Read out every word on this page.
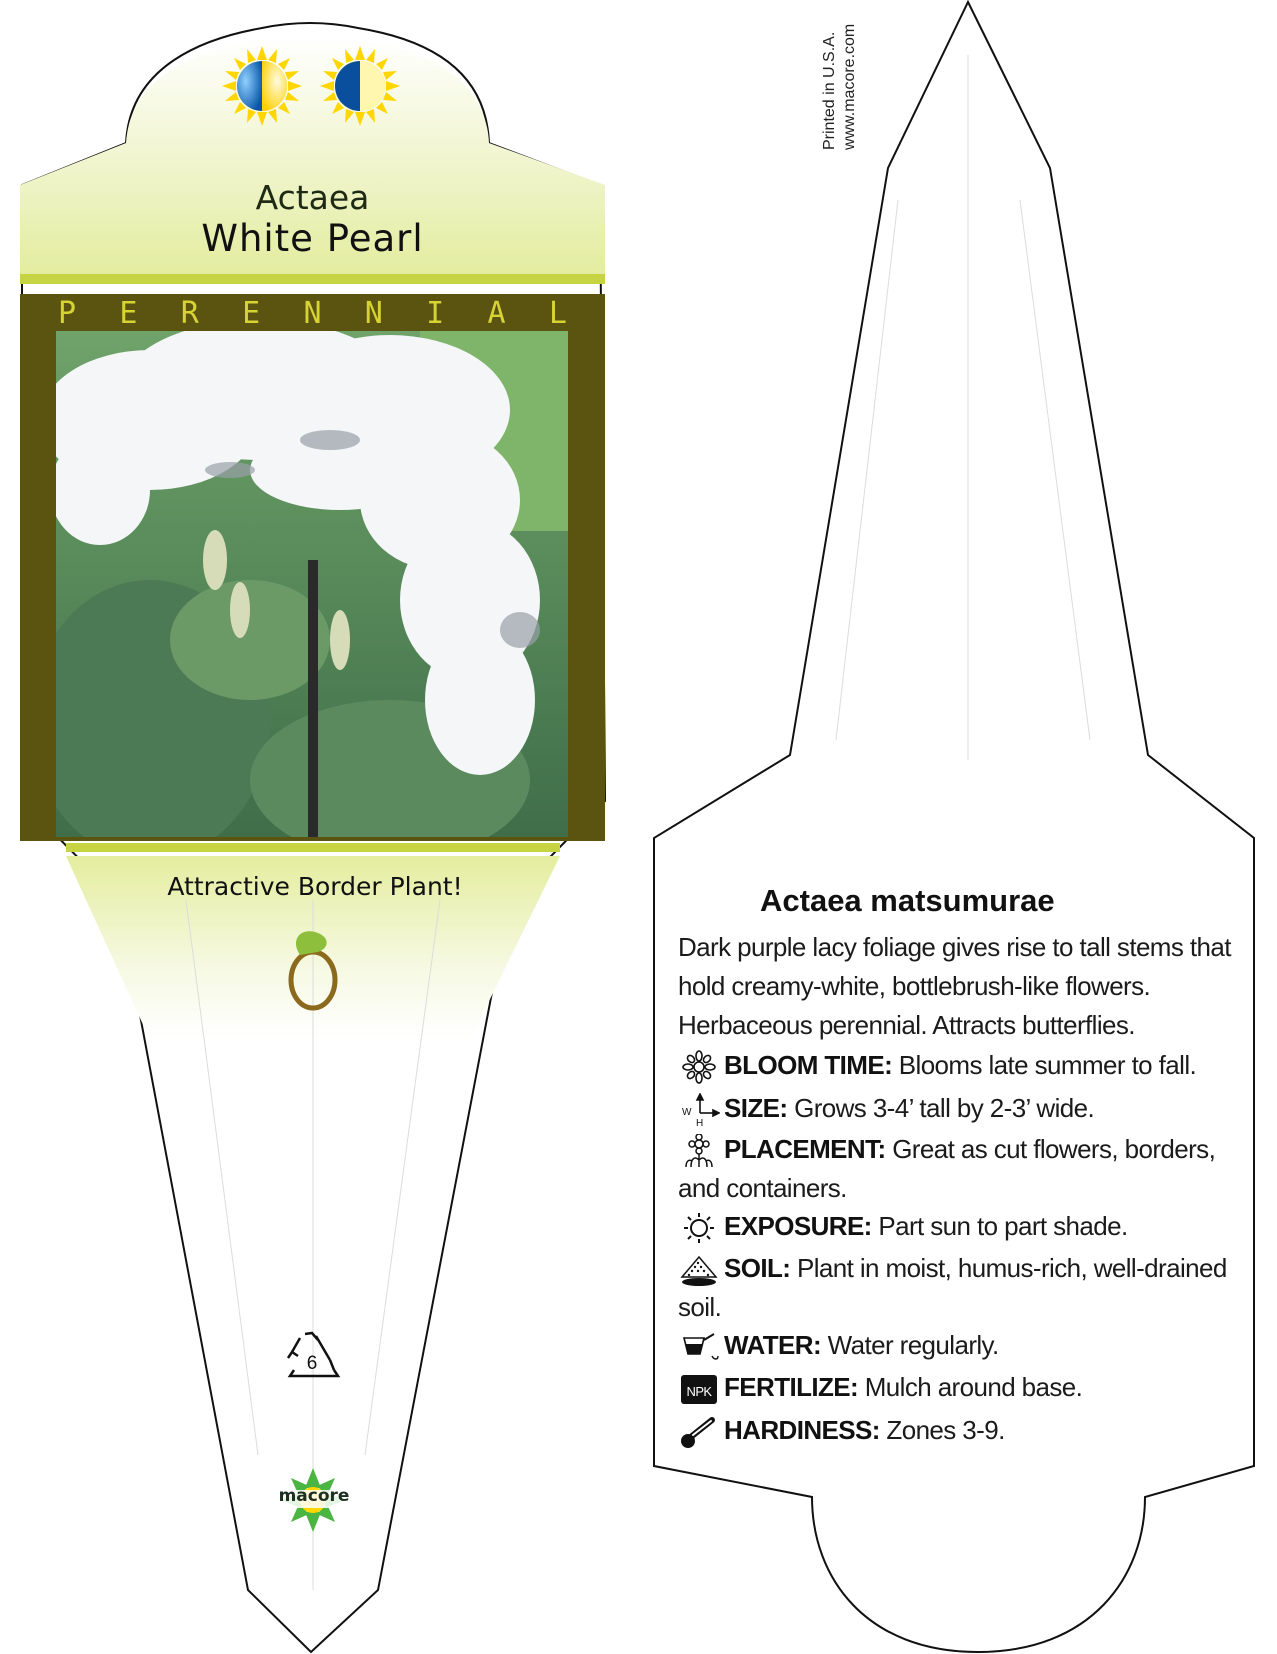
Actaea
White Pearl
P E R E N N I A L
Attractive Border Plant!
6
macore
Printed in U.S.A. www.macore.com
Actaea matsumurae
Dark purple lacy foliage gives rise to tall stems that hold creamy-white, bottlebrush-like flowers. Herbaceous perennial. Attracts butterflies.
BLOOM TIME: Blooms late summer to fall.
W
H
SIZE: Grows 3-4’ tall by 2-3’ wide.
PLACEMENT: Great as cut flowers, borders, and containers.
EXPOSURE: Part sun to part shade.
SOIL: Plant in moist, humus-rich, well-drained soil.
WATER: Water regularly.
NPK FERTILIZE: Mulch around base.
HARDINESS: Zones 3-9.
